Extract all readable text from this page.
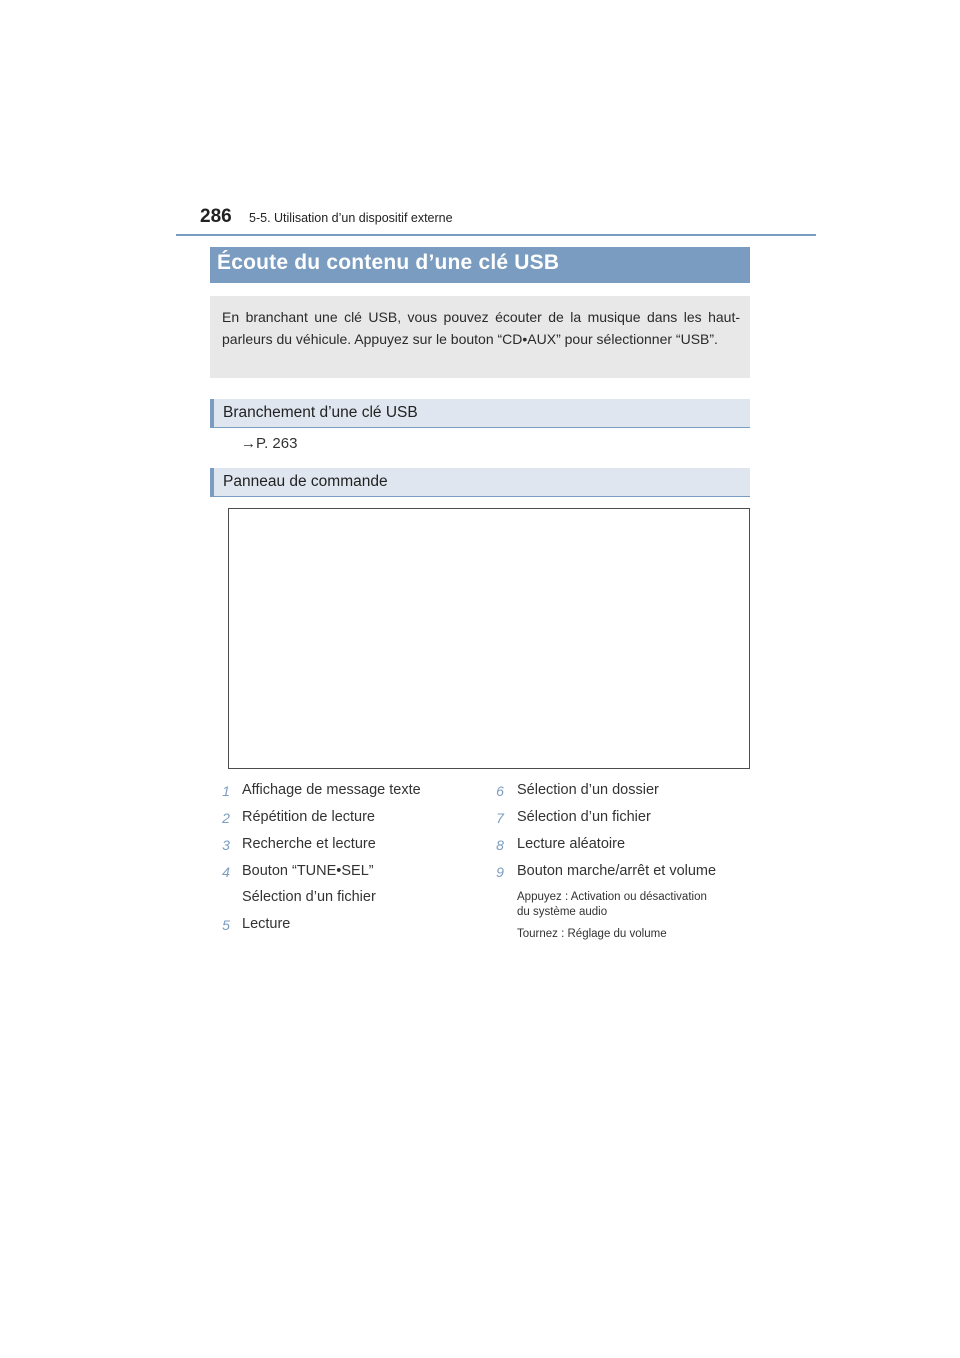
286 5-5. Utilisation d’un dispositif externe
Écoute du contenu d’une clé USB

En branchant une clé USB, vous pouvez écouter de la musique dans les haut-parleurs du véhicule. Appuyez sur le bouton “CD•AUX” pour sélectionner “USB”.

Branchement d’une clé USB
→P. 263
Panneau de commande
1 Affichage de message texte
2 Répétition de lecture
3 Recherche et lecture
4 Bouton “TUNE•SEL”
Sélection d’un fichier
5 Lecture
6 Sélection d’un dossier
7 Sélection d’un fichier
8 Lecture aléatoire
9 Bouton marche/arrêt et volume
Appuyez : Activation ou désactivation
du système audio
Tournez : Réglage du volume
